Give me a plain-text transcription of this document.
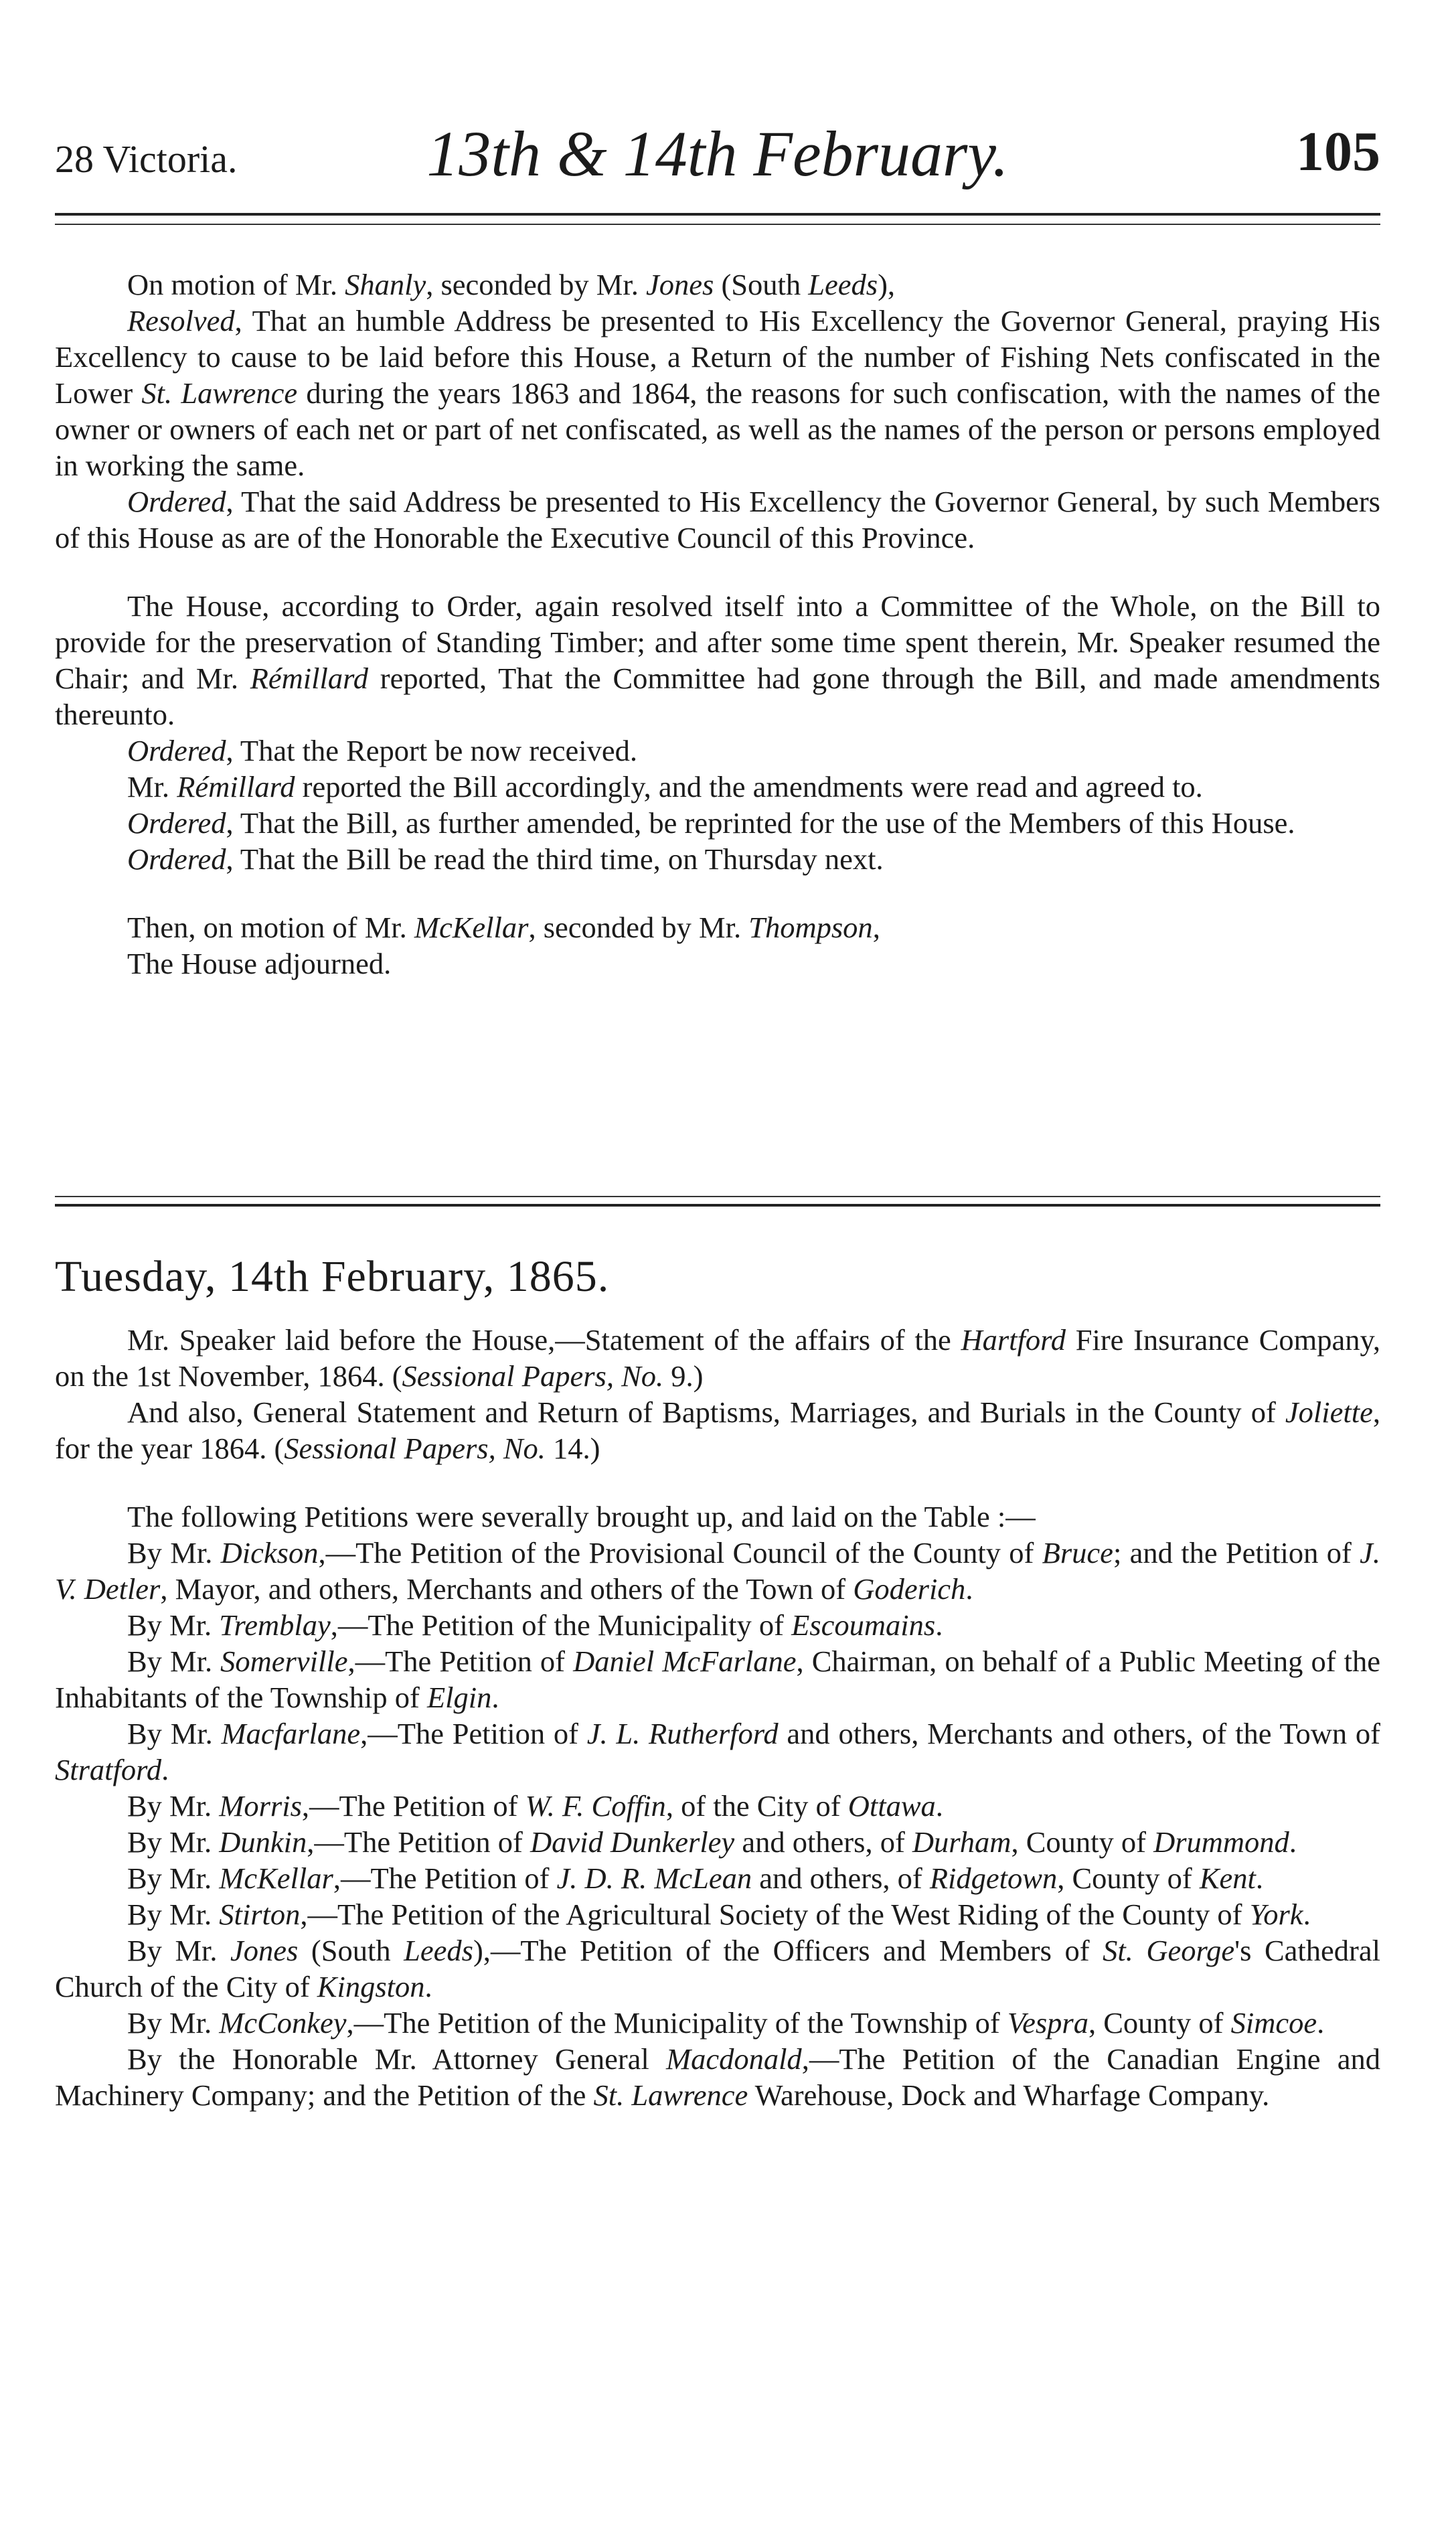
28 Victoria.	13th & 14th February.	105

On motion of Mr. Shanly, seconded by Mr. Jones (South Leeds),

Resolved, That an humble Address be presented to His Excellency the Governor General, praying His Excellency to cause to be laid before this House, a Return of the number of Fishing Nets confiscated in the Lower St. Lawrence during the years 1863 and 1864, the reasons for such confiscation, with the names of the owner or owners of each net or part of net confiscated, as well as the names of the person or persons employed in working the same.

Ordered, That the said Address be presented to His Excellency the Governor General, by such Members of this House as are of the Honorable the Executive Council of this Province.

The House, according to Order, again resolved itself into a Committee of the Whole, on the Bill to provide for the preservation of Standing Timber; and after some time spent therein, Mr. Speaker resumed the Chair; and Mr. Rémillard reported, That the Committee had gone through the Bill, and made amendments thereunto.

Ordered, That the Report be now received.

Mr. Rémillard reported the Bill accordingly, and the amendments were read and agreed to.

Ordered, That the Bill, as further amended, be reprinted for the use of the Members of this House.

Ordered, That the Bill be read the third time, on Thursday next.

Then, on motion of Mr. McKellar, seconded by Mr. Thompson,

The House adjourned.

Tuesday, 14th February, 1865.

Mr. Speaker laid before the House,—Statement of the affairs of the Hartford Fire Insurance Company, on the 1st November, 1864. (Sessional Papers, No. 9.)

And also, General Statement and Return of Baptisms, Marriages, and Burials in the County of Joliette, for the year 1864. (Sessional Papers, No. 14.)

The following Petitions were severally brought up, and laid on the Table :—

By Mr. Dickson,—The Petition of the Provisional Council of the County of Bruce; and the Petition of J. V. Detler, Mayor, and others, Merchants and others of the Town of Goderich.

By Mr. Tremblay,—The Petition of the Municipality of Escoumains.

By Mr. Somerville,—The Petition of Daniel McFarlane, Chairman, on behalf of a Public Meeting of the Inhabitants of the Township of Elgin.

By Mr. Macfarlane,—The Petition of J. L. Rutherford and others, Merchants and others, of the Town of Stratford.

By Mr. Morris,—The Petition of W. F. Coffin, of the City of Ottawa.

By Mr. Dunkin,—The Petition of David Dunkerley and others, of Durham, County of Drummond.

By Mr. McKellar,—The Petition of J. D. R. McLean and others, of Ridgetown, County of Kent.

By Mr. Stirton,—The Petition of the Agricultural Society of the West Riding of the County of York.

By Mr. Jones (South Leeds),—The Petition of the Officers and Members of St. George's Cathedral Church of the City of Kingston.

By Mr. McConkey,—The Petition of the Municipality of the Township of Vespra, County of Simcoe.

By the Honorable Mr. Attorney General Macdonald,—The Petition of the Canadian Engine and Machinery Company; and the Petition of the St. Lawrence Warehouse, Dock and Wharfage Company.
